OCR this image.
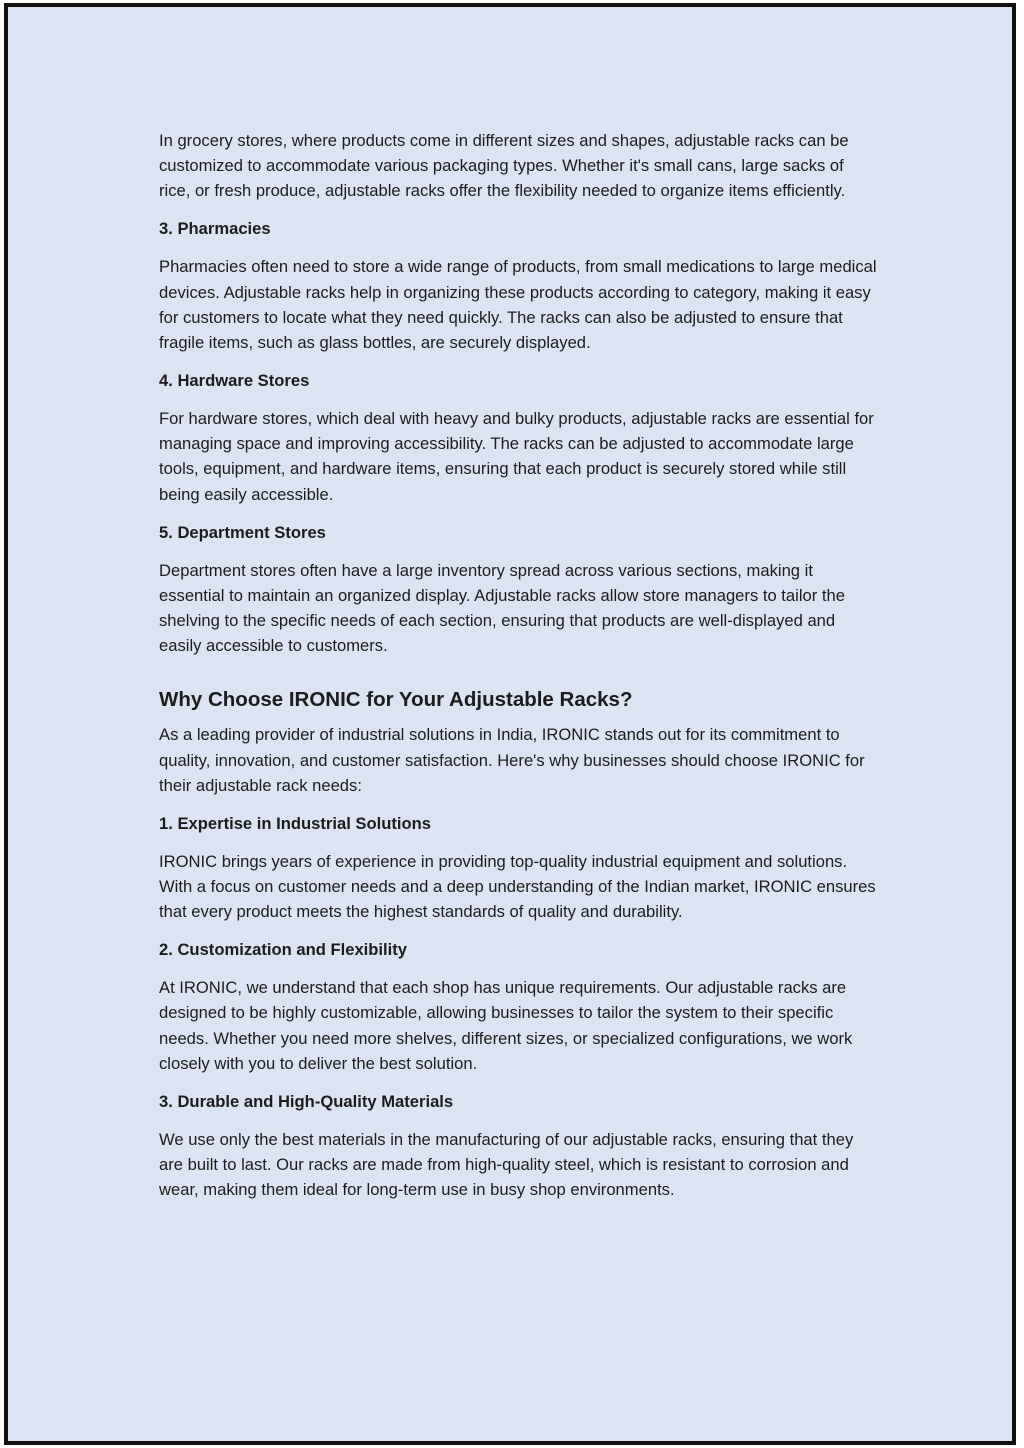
In grocery stores, where products come in different sizes and shapes, adjustable racks can be customized to accommodate various packaging types. Whether it's small cans, large sacks of rice, or fresh produce, adjustable racks offer the flexibility needed to organize items efficiently.

3. Pharmacies

Pharmacies often need to store a wide range of products, from small medications to large medical devices. Adjustable racks help in organizing these products according to category, making it easy for customers to locate what they need quickly. The racks can also be adjusted to ensure that fragile items, such as glass bottles, are securely displayed.

4. Hardware Stores

For hardware stores, which deal with heavy and bulky products, adjustable racks are essential for managing space and improving accessibility. The racks can be adjusted to accommodate large tools, equipment, and hardware items, ensuring that each product is securely stored while still being easily accessible.

5. Department Stores

Department stores often have a large inventory spread across various sections, making it essential to maintain an organized display. Adjustable racks allow store managers to tailor the shelving to the specific needs of each section, ensuring that products are well-displayed and easily accessible to customers.

Why Choose IRONIC for Your Adjustable Racks?

As a leading provider of industrial solutions in India, IRONIC stands out for its commitment to quality, innovation, and customer satisfaction. Here's why businesses should choose IRONIC for their adjustable rack needs:

1. Expertise in Industrial Solutions

IRONIC brings years of experience in providing top-quality industrial equipment and solutions. With a focus on customer needs and a deep understanding of the Indian market, IRONIC ensures that every product meets the highest standards of quality and durability.

2. Customization and Flexibility

At IRONIC, we understand that each shop has unique requirements. Our adjustable racks are designed to be highly customizable, allowing businesses to tailor the system to their specific needs. Whether you need more shelves, different sizes, or specialized configurations, we work closely with you to deliver the best solution.

3. Durable and High-Quality Materials

We use only the best materials in the manufacturing of our adjustable racks, ensuring that they are built to last. Our racks are made from high-quality steel, which is resistant to corrosion and wear, making them ideal for long-term use in busy shop environments.
